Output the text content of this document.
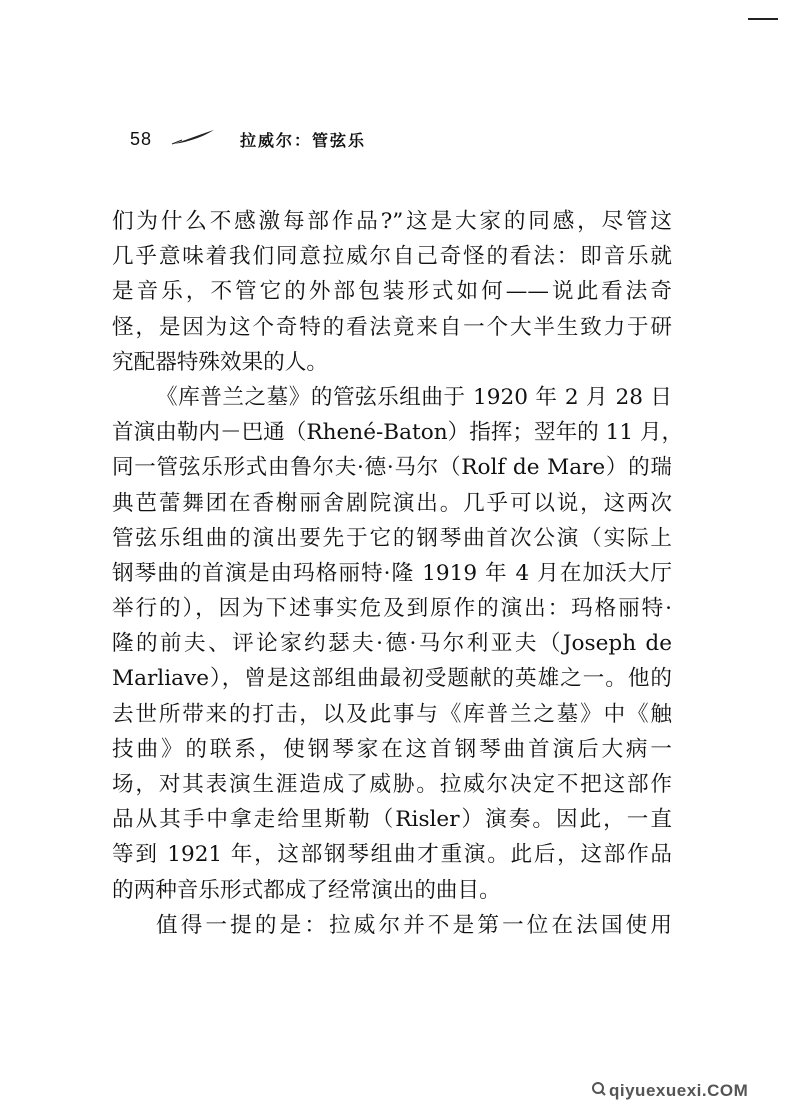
58	拉威尔：管弦乐
们为什么不感激每部作品?”这是大家的同感，尽管这
几乎意味着我们同意拉威尔自己奇怪的看法：即音乐就
是音乐，不管它的外部包装形式如何——说此看法奇
怪，是因为这个奇特的看法竟来自一个大半生致力于研
究配器特殊效果的人。
《库普兰之墓》的管弦乐组曲于 1920 年 2 月 28 日
首演由勒内－巴通（Rhené-Baton）指挥；翌年的 11 月，
同一管弦乐形式由鲁尔夫·德·马尔（Rolf de Mare）的瑞
典芭蕾舞团在香榭丽舍剧院演出。几乎可以说，这两次
管弦乐组曲的演出要先于它的钢琴曲首次公演（实际上
钢琴曲的首演是由玛格丽特·隆 1919 年 4 月在加沃大厅
举行的），因为下述事实危及到原作的演出：玛格丽特·
隆的前夫、评论家约瑟夫·德·马尔利亚夫（Joseph de
Marliave），曾是这部组曲最初受题献的英雄之一。他的
去世所带来的打击，以及此事与《库普兰之墓》中《触
技曲》的联系，使钢琴家在这首钢琴曲首演后大病一
场，对其表演生涯造成了威胁。拉威尔决定不把这部作
品从其手中拿走给里斯勒（Risler）演奏。因此，一直
等到 1921 年，这部钢琴组曲才重演。此后，这部作品
的两种音乐形式都成了经常演出的曲目。
值得一提的是：拉威尔并不是第一位在法国使用
qiyuexuexi.COM
